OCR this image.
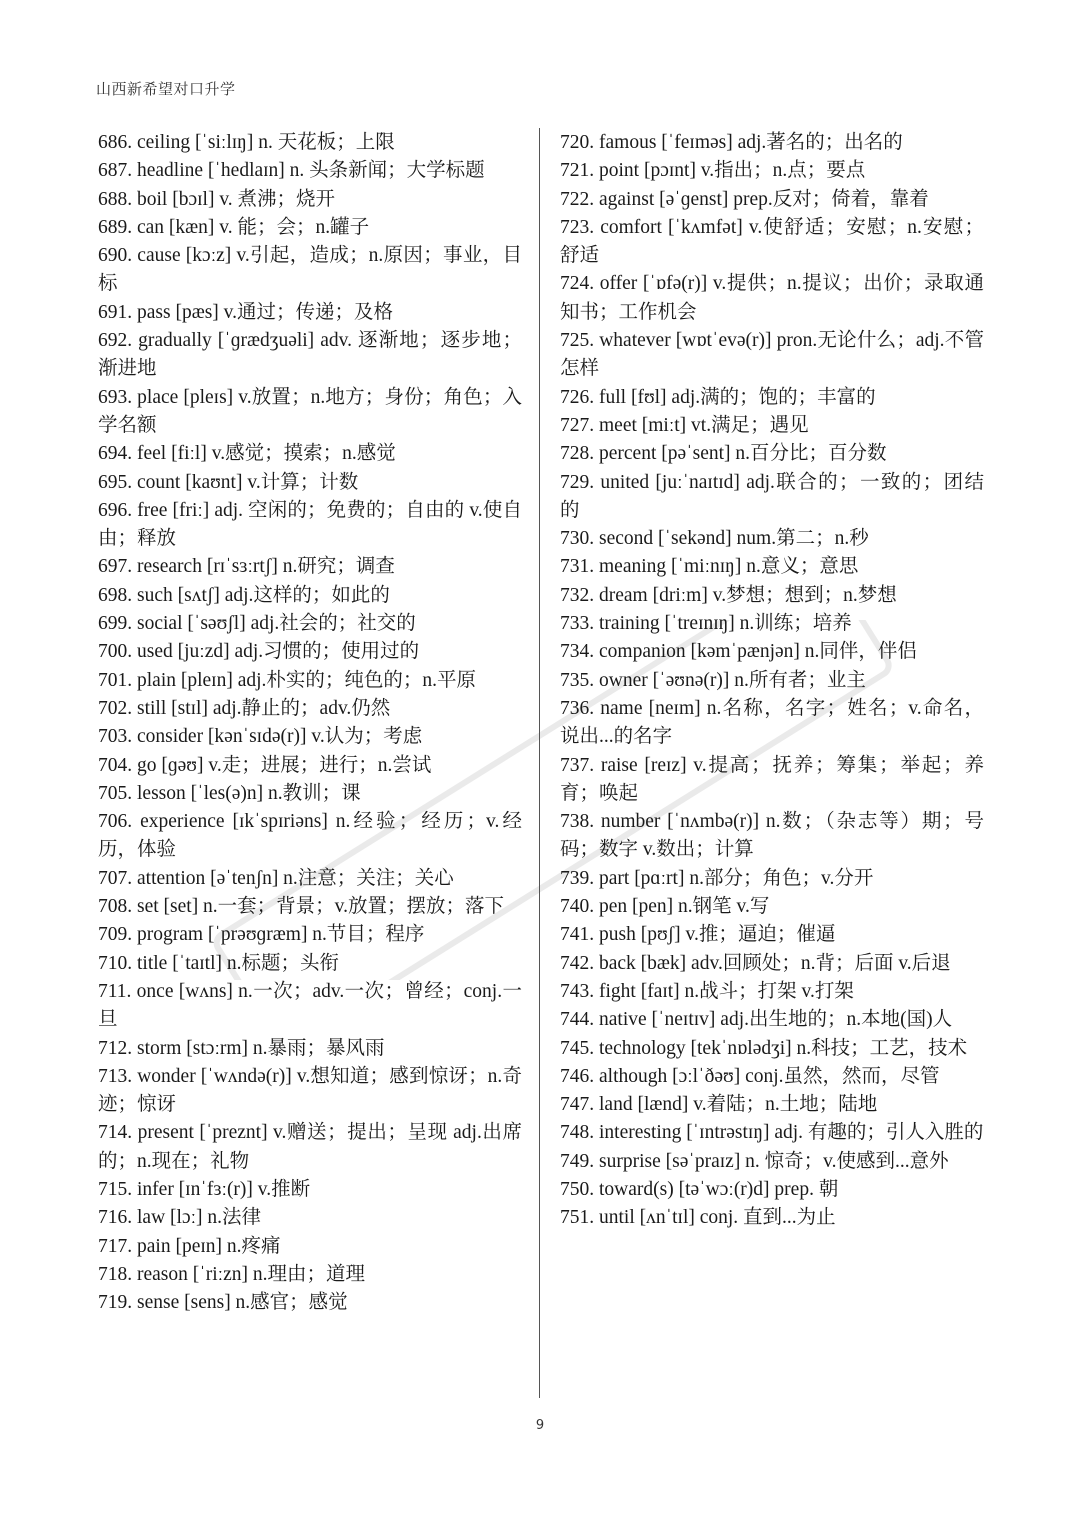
山西新希望对口升学

686. ceiling [ˈsiːlɪŋ] n. 天花板；上限

687. headline [ˈhedlaɪn] n. 头条新闻；大学标题

688. boil [bɔɪl] v. 煮沸；烧开

689. can [kæn] v. 能；会；n.罐子

690. cause [kɔːz] v.引起，造成；n.原因；事业，目标

691. pass [pæs] v.通过；传递；及格

692. gradually [ˈɡrædʒuəli] adv. 逐渐地；逐步地；渐进地

693. place [pleɪs] v.放置；n.地方；身份；角色；入学名额

694. feel [fiːl] v.感觉；摸索；n.感觉

695. count [kaʊnt] v.计算；计数

696. free [friː] adj. 空闲的；免费的；自由的 v.使自由；释放

697. research [rɪˈsɜːrtʃ] n.研究；调查

698. such [sʌtʃ] adj.这样的；如此的

699. social [ˈsəʊʃl] adj.社会的；社交的

700. used [juːzd] adj.习惯的；使用过的

701. plain [pleɪn] adj.朴实的；纯色的；n.平原

702. still [stɪl] adj.静止的；adv.仍然

703. consider [kənˈsɪdə(r)] v.认为；考虑

704. go [ɡəʊ] v.走；进展；进行；n.尝试

705. lesson [ˈles(ə)n] n.教训；课

706. experience [ɪkˈspɪriəns] n.经验；经历；v.经历，体验

707. attention [əˈtenʃn] n.注意；关注；关心

708. set [set] n.一套；背景；v.放置；摆放；落下

709. program [ˈprəʊɡræm] n.节目；程序

710. title [ˈtaɪtl] n.标题；头衔

711. once [wʌns] n.一次；adv.一次；曾经；conj.一旦

712. storm [stɔːrm] n.暴雨；暴风雨

713. wonder [ˈwʌndə(r)] v.想知道；感到惊讶；n.奇迹；惊讶

714. present [ˈpreznt] v.赠送；提出；呈现 adj.出席的；n.现在；礼物

715. infer [ɪnˈfɜː(r)] v.推断

716. law [lɔː] n.法律

717. pain [peɪn] n.疼痛

718. reason [ˈriːzn] n.理由；道理

719. sense [sens] n.感官；感觉

720. famous [ˈfeɪməs] adj.著名的；出名的

721. point [pɔɪnt] v.指出；n.点；要点

722. against [əˈɡenst] prep.反对；倚着，靠着

723. comfort [ˈkʌmfət] v.使舒适；安慰；n.安慰；舒适

724. offer [ˈɒfə(r)] v.提供；n.提议；出价；录取通知书；工作机会

725. whatever [wɒtˈevə(r)] pron.无论什么；adj.不管怎样

726. full [fʊl] adj.满的；饱的；丰富的

727. meet [miːt] vt.满足；遇见

728. percent [pəˈsent] n.百分比；百分数

729. united [juːˈnaɪtɪd] adj.联合的；一致的；团结的

730. second [ˈsekənd] num.第二；n.秒

731. meaning [ˈmiːnɪŋ] n.意义；意思

732. dream [driːm] v.梦想；想到；n.梦想

733. training [ˈtreɪnɪŋ] n.训练；培养

734. companion [kəmˈpænjən] n.同伴，伴侣

735. owner [ˈəʊnə(r)] n.所有者；业主

736. name [neɪm] n.名称，名字；姓名；v.命名，说出...的名字

737. raise [reɪz] v.提高；抚养；筹集；举起；养育；唤起

738. number [ˈnʌmbə(r)] n.数；（杂志等）期；号码；数字 v.数出；计算

739. part [pɑːrt] n.部分；角色；v.分开

740. pen [pen] n.钢笔 v.写

741. push [pʊʃ] v.推；逼迫；催逼

742. back [bæk] adv.回顾处；n.背；后面 v.后退

743. fight [faɪt] n.战斗；打架 v.打架

744. native [ˈneɪtɪv] adj.出生地的；n.本地(国)人

745. technology [tekˈnɒlədʒi] n.科技；工艺，技术

746. although [ɔːlˈðəʊ] conj.虽然，然而，尽管

747. land [lænd] v.着陆；n.土地；陆地

748. interesting [ˈɪntrəstɪŋ] adj. 有趣的；引人入胜的

749. surprise [səˈpraɪz] n. 惊奇；v.使感到...意外

750. toward(s) [təˈwɔː(r)d] prep. 朝

751. until [ʌnˈtɪl] conj. 直到...为止

9
